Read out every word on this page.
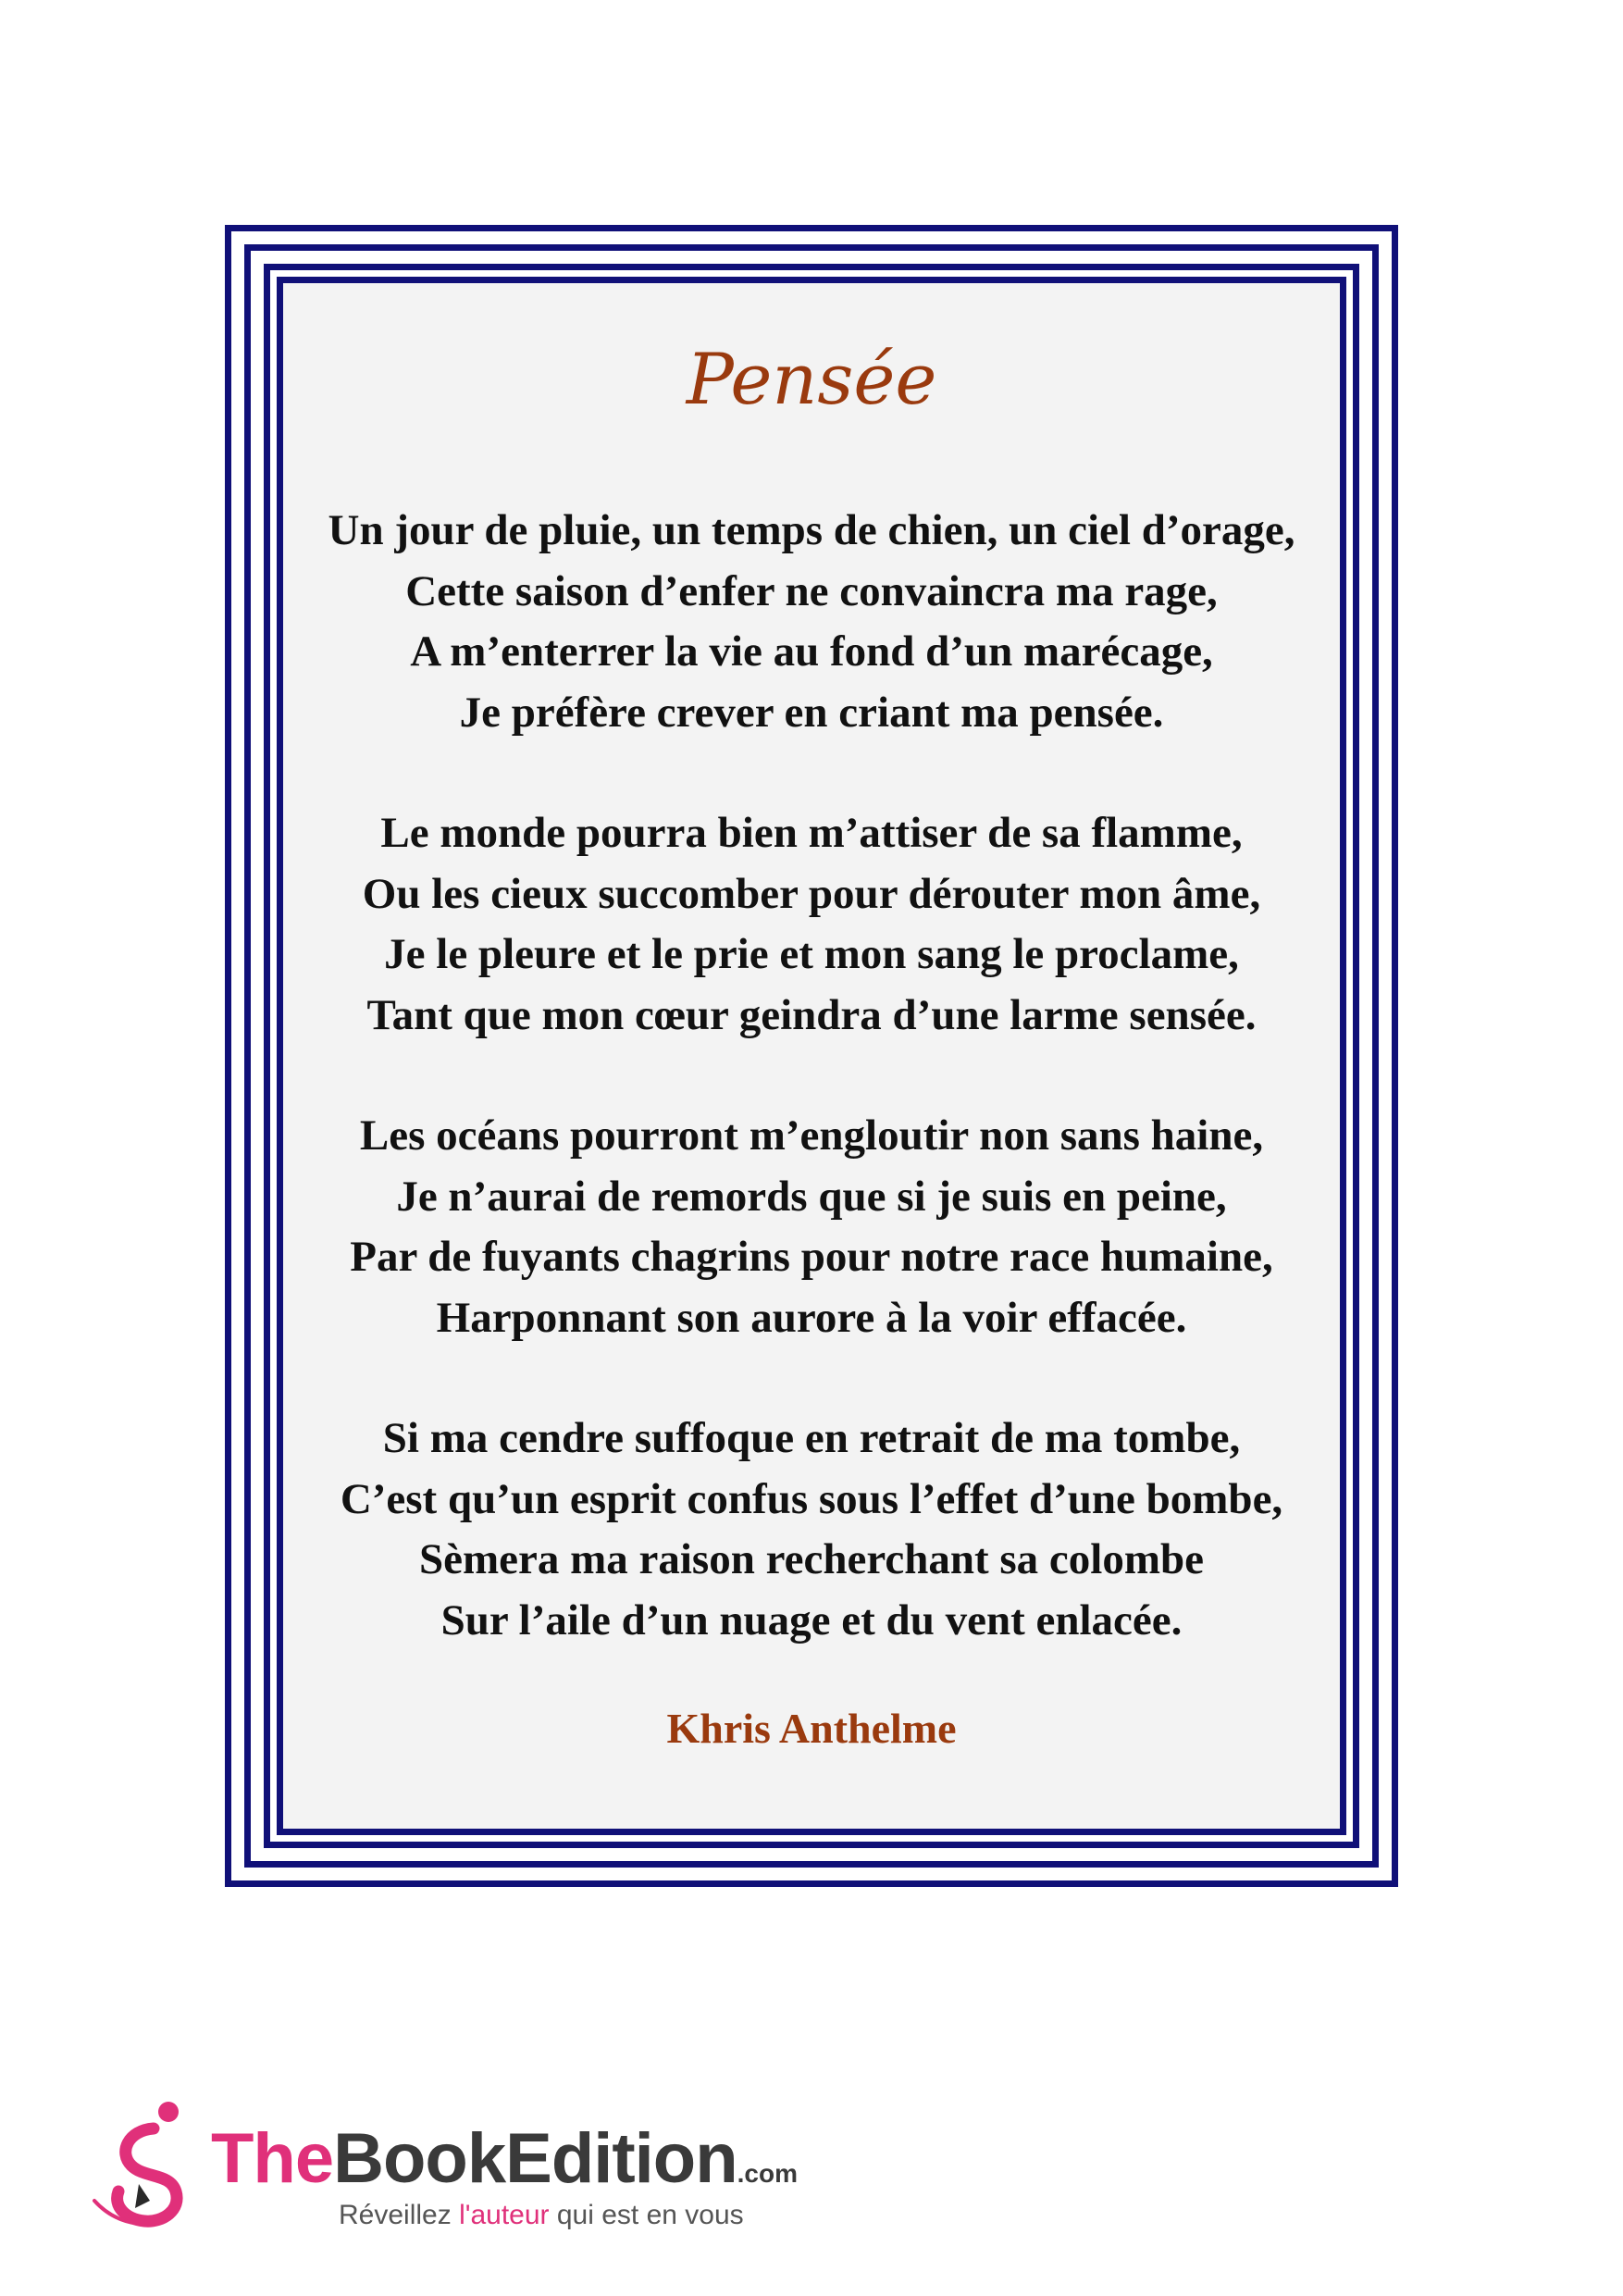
Pensée
Un jour de pluie, un temps de chien, un ciel d’orage,
Cette saison d’enfer ne convaincra ma rage,
A m’enterrer la vie au fond d’un marécage,
Je préfère crever en criant ma pensée.
Le monde pourra bien m’attiser de sa flamme,
Ou les cieux succomber pour dérouter mon âme,
Je le pleure et le prie et mon sang le proclame,
Tant que mon cœur geindra d’une larme sensée.
Les océans pourront m’engloutir non sans haine,
Je n’aurai de remords que si je suis en peine,
Par de fuyants chagrins pour notre race humaine,
Harponnant son aurore à la voir effacée.
Si ma cendre suffoque en retrait de ma tombe,
C’est qu’un esprit confus sous l’effet d’une bombe,
Sèmera ma raison recherchant sa colombe
Sur l’aile d’un nuage et du vent enlacée.
Khris Anthelme
TheBookEdition.com
Réveillez l'auteur qui est en vous
